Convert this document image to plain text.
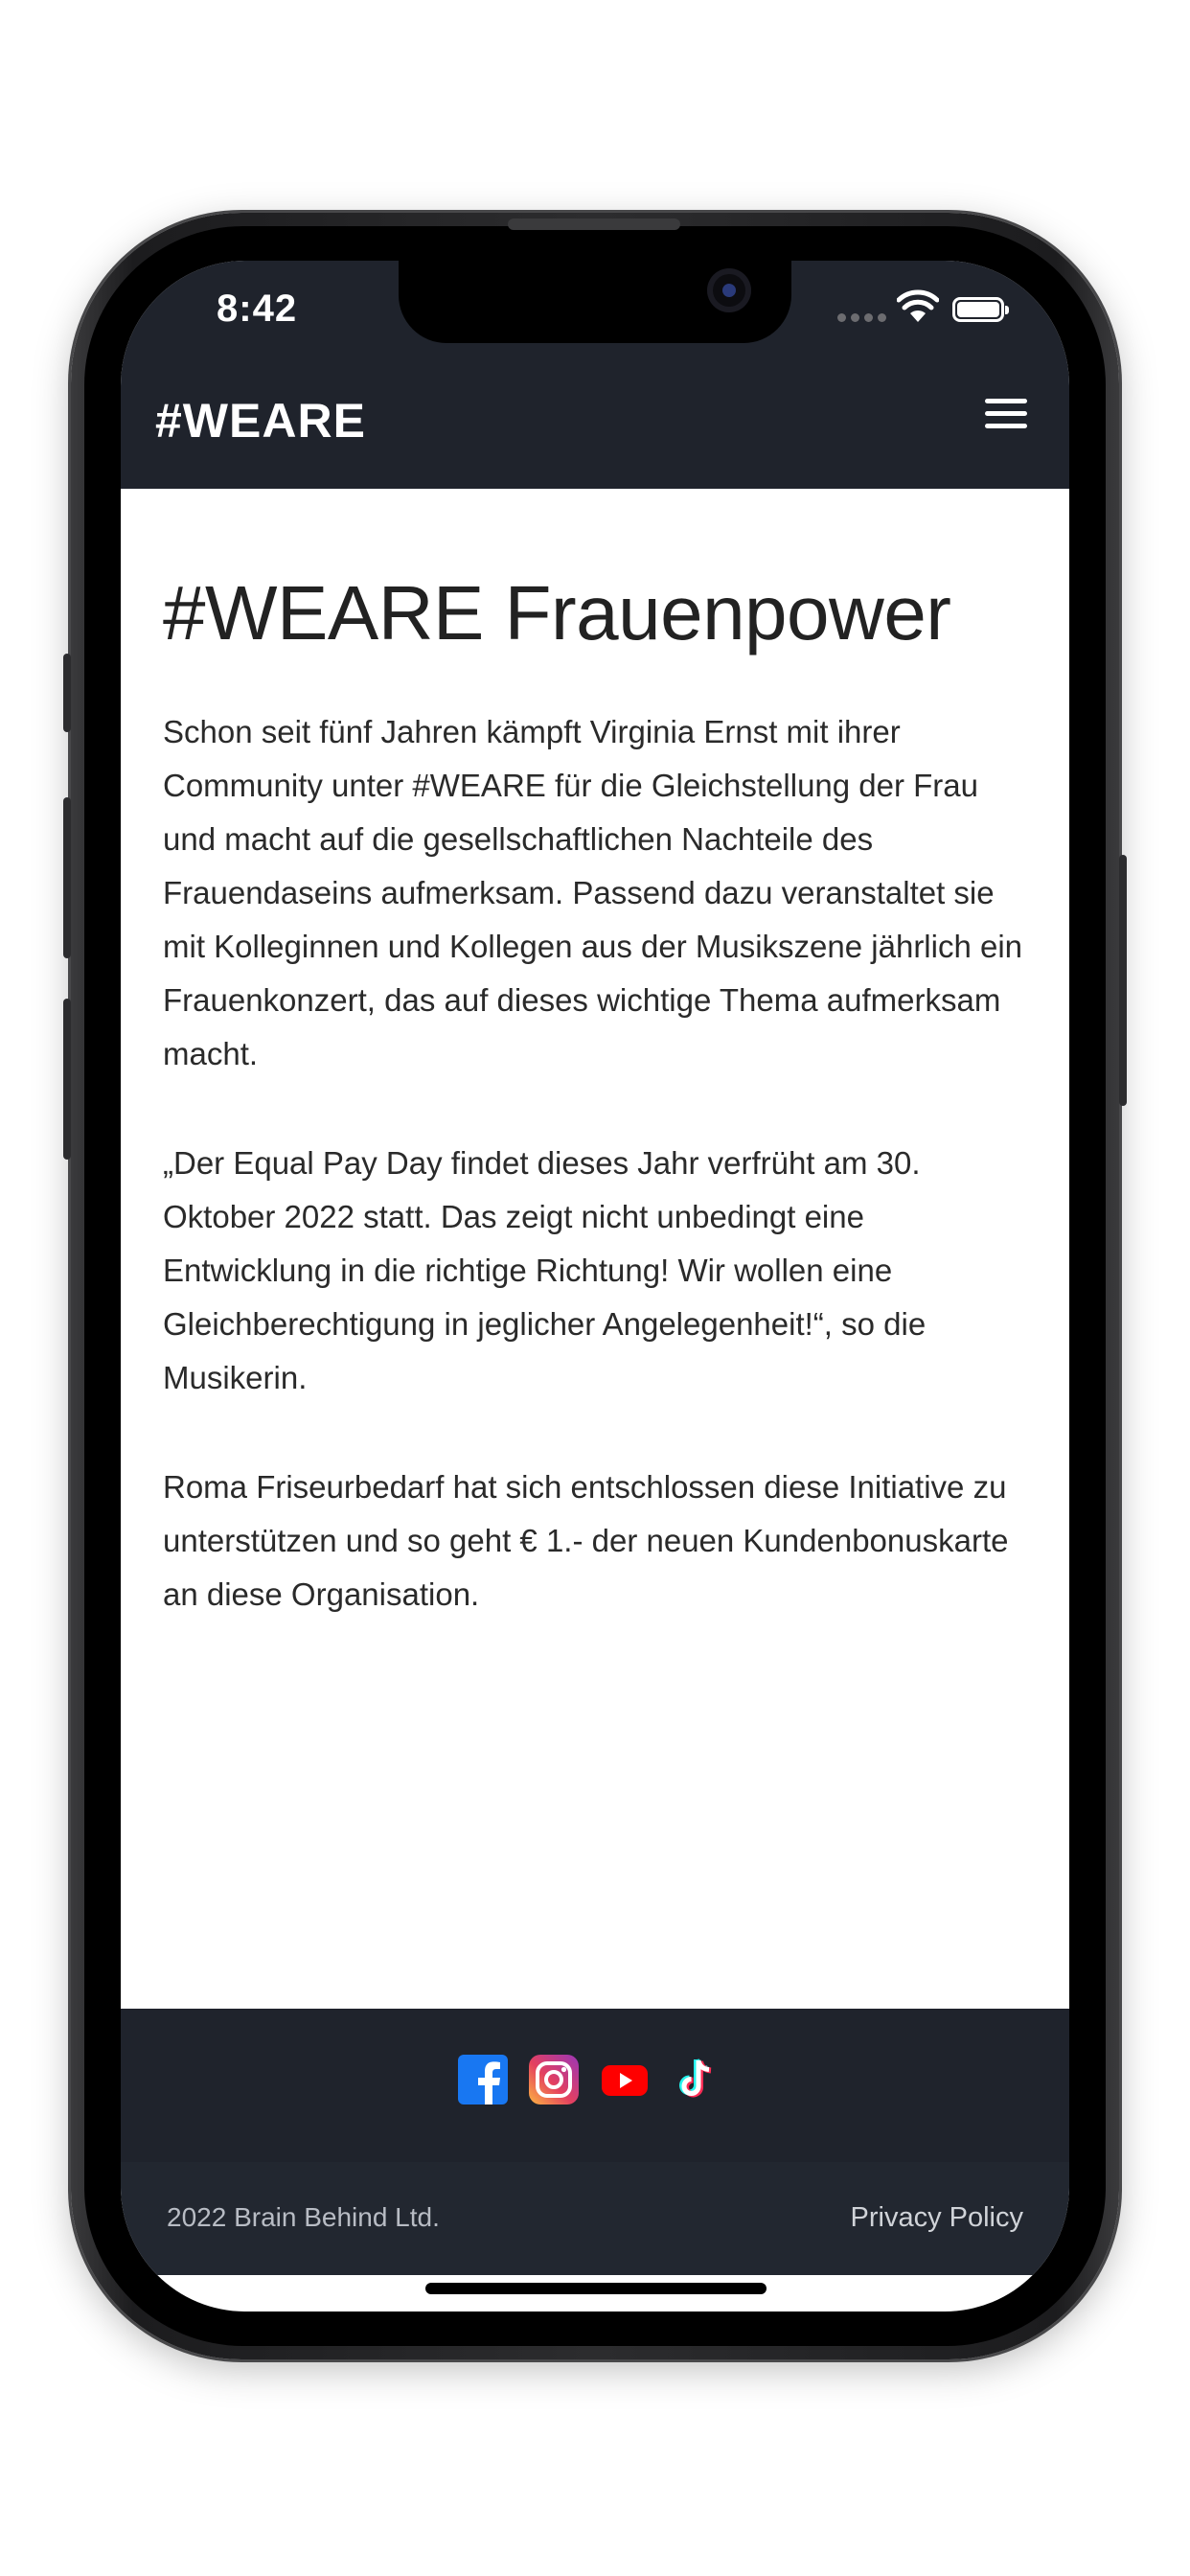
8:42
#WEARE
#WEARE Frauenpower

Schon seit fünf Jahren kämpft Virginia Ernst mit ihrer Community unter #WEARE für die Gleichstellung der Frau und macht auf die gesellschaftlichen Nachteile des Frauendaseins aufmerksam. Passend dazu veranstaltet sie mit Kolleginnen und Kollegen aus der Musikszene jährlich ein Frauenkonzert, das auf dieses wichtige Thema aufmerksam macht.

„Der Equal Pay Day findet dieses Jahr verfrüht am 30. Oktober 2022 statt. Das zeigt nicht unbedingt eine Entwicklung in die richtige Richtung! Wir wollen eine Gleichberechtigung in jeglicher Angelegenheit!“, so die Musikerin.

Roma Friseurbedarf hat sich entschlossen diese Initiative zu unterstützen und so geht € 1.- der neuen Kundenbonuskarte an diese Organisation.

2022 Brain Behind Ltd.	Privacy Policy
